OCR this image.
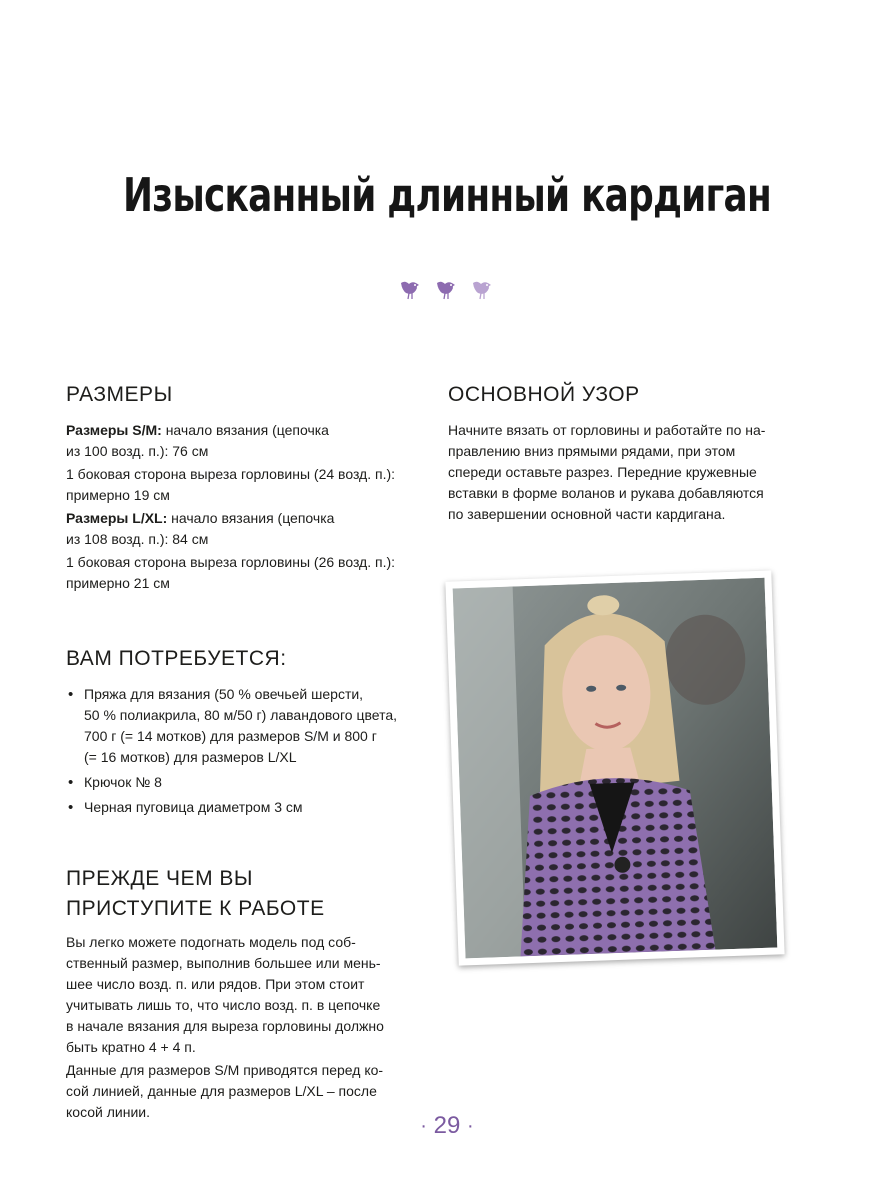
Изысканный длинный кардиган
РАЗМЕРЫ
Размеры S/M: начало вязания (цепочка
из 100 возд. п.): 76 см
1 боковая сторона выреза горловины (24 возд. п.):
примерно 19 см
Размеры L/XL: начало вязания (цепочка
из 108 возд. п.): 84 см
1 боковая сторона выреза горловины (26 возд. п.):
примерно 21 см
ВАМ ПОТРЕБУЕТСЯ:
• Пряжа для вязания (50 % овечьей шерсти,
50 % полиакрила, 80 м/50 г) лавандового цвета,
700 г (= 14 мотков) для размеров S/M и 800 г
(= 16 мотков) для размеров L/XL
• Крючок № 8
• Черная пуговица диаметром 3 см
ПРЕЖДЕ ЧЕМ ВЫ
ПРИСТУПИТЕ К РАБОТЕ
Вы легко можете подогнать модель под соб-
ственный размер, выполнив большее или мень-
шее число возд. п. или рядов. При этом стоит
учитывать лишь то, что число возд. п. в цепочке
в начале вязания для выреза горловины должно
быть кратно 4 + 4 п.
Данные для размеров S/M приводятся перед ко-
сой линией, данные для размеров L/XL – после
косой линии.
ОСНОВНОЙ УЗОР
Начните вязать от горловины и работайте по на-
правлению вниз прямыми рядами, при этом
спереди оставьте разрез. Передние кружевные
вставки в форме воланов и рукава добавляются
по завершении основной части кардигана.
· 29 ·
